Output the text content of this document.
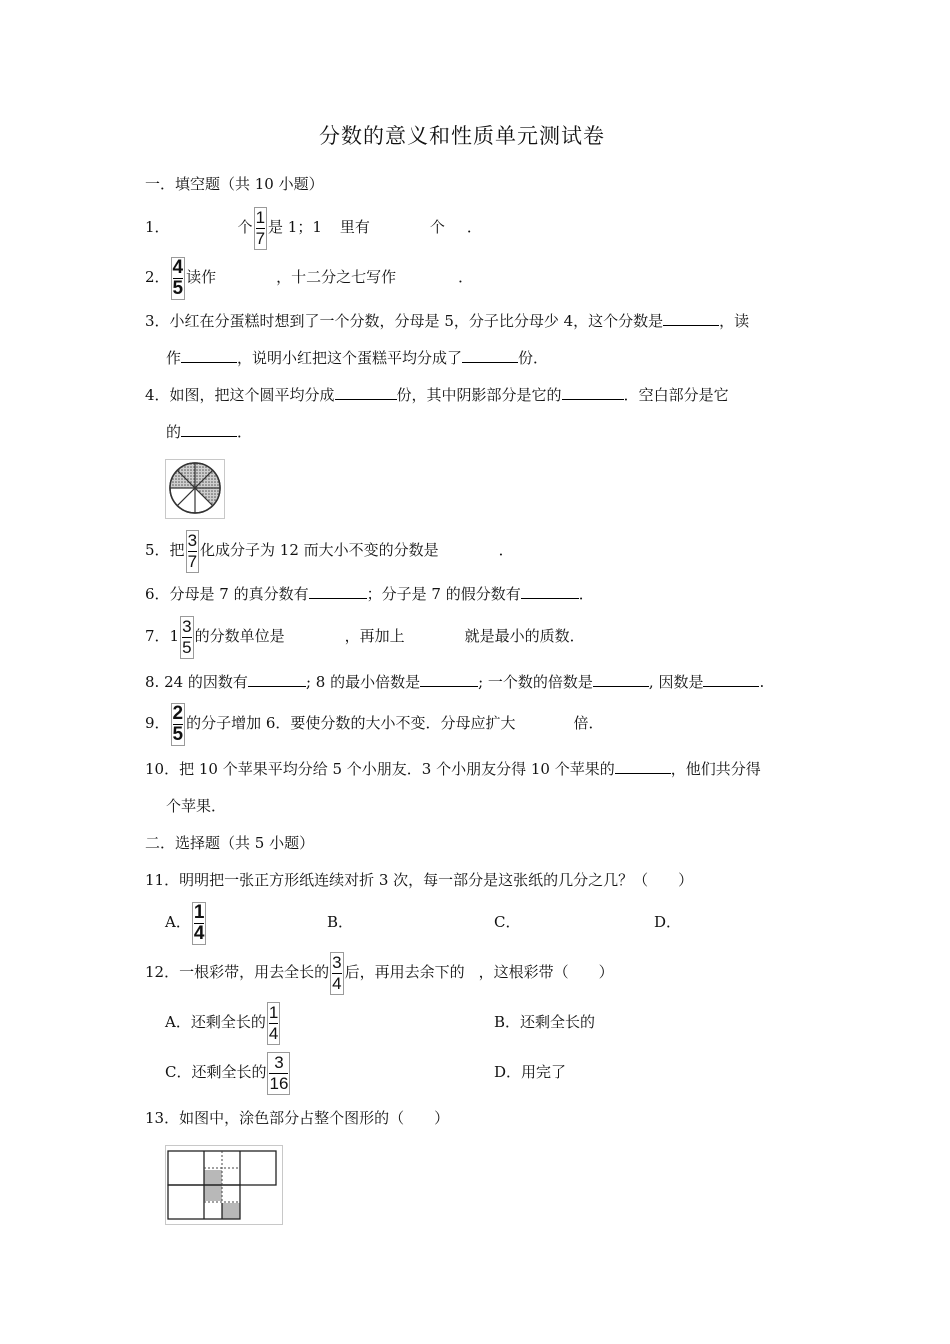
分数的意义和性质单元测试卷
一．填空题（共 10 小题）
1．	个 $\frac{1}{7}$ 是 1；1 里有	个 ．
2． $\frac{4}{5}$ 读作	，十二分之七写作	．
3．小红在分蛋糕时想到了一个分数，分母是 5，分子比分母少 4，这个分数是	，读
作	，说明小红把这个蛋糕平均分成了	份．
4．如图，把这个圆平均分成	份，其中阴影部分是它的	．空白部分是它
的	．
5．把 $\frac{3}{7}$ 化成分子为 12 而大小不变的分数是	．
6．分母是 7 的真分数有	；分子是 7 的假分数有	．
7．$1 \frac{3}{5}$ 的分数单位是	，再加上	就是最小的质数．
8. 24 的因数有	; 8 的最小倍数是	; 一个数的倍数是	, 因数是	.
9． $\frac{2}{5}$ 的分子增加 6．要使分数的大小不变．分母应扩大	倍．
10．把 10 个苹果平均分给 5 个小朋友．3 个小朋友分得 10 个苹果的	，他们共分得
个苹果．
二．选择题（共 5 小题）
11．明明把一张正方形纸连续对折 3 次，每一部分是这张纸的几分之几？（　　）
A． $\frac{1}{4}$	B．	C．	D．
12．一根彩带，用去全长的 $\frac{3}{4}$ 后，再用去余下的 ，这根彩带（　　）
A．还剩全长的 $\frac{1}{4}$	B．还剩全长的
C．还剩全长的 $\frac{3}{16}$	D．用完了
13．如图中，涂色部分占整个图形的（　　）
